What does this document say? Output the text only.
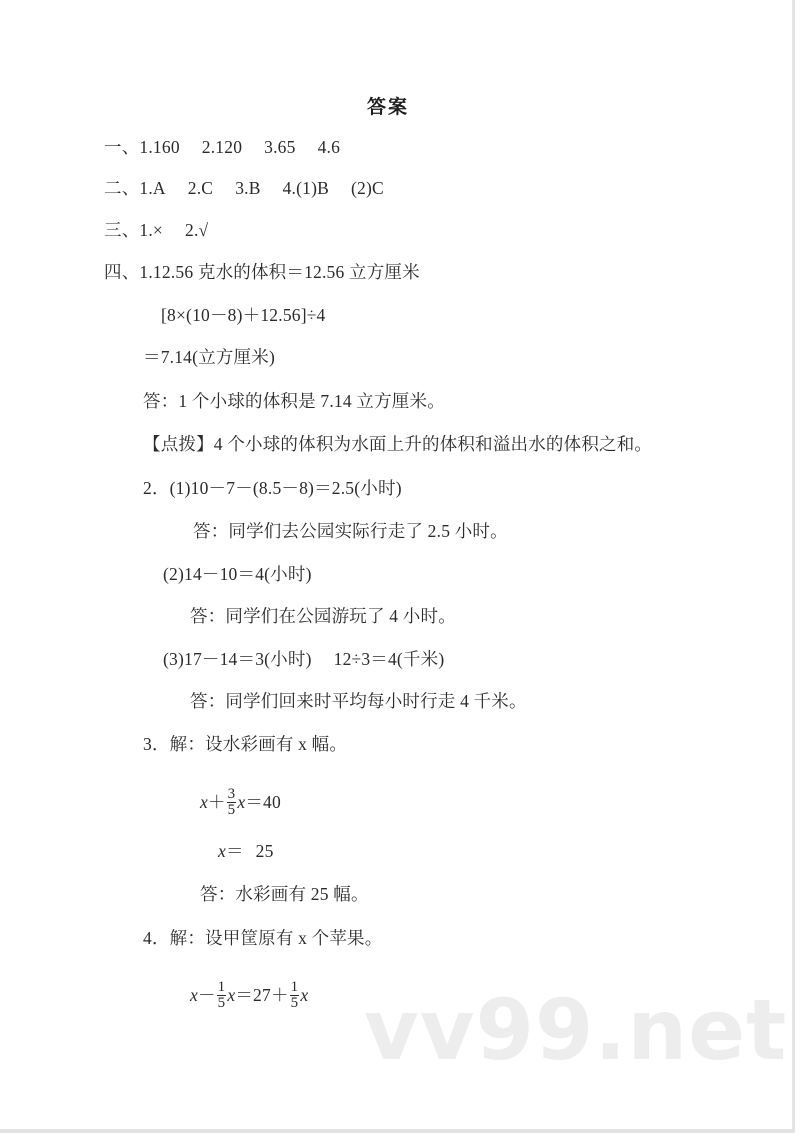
答案
一、1.160 2.120 3.65 4.6
二、1.A 2.C 3.B 4.(1)B (2)C
三、1.× 2.√
四、1.12.56 克水的体积＝12.56 立方厘米
[8×(10－8)＋12.56]÷4
＝7.14(立方厘米)
答：1 个小球的体积是 7.14 立方厘米。
【点拨】4 个小球的体积为水面上升的体积和溢出水的体积之和。
2．(1)10－7－(8.5－8)＝2.5(小时)
答：同学们去公园实际行走了 2.5 小时。
(2)14－10＝4(小时)
答：同学们在公园游玩了 4 小时。
(3)17－14＝3(小时) 12÷3＝4(千米)
答：同学们回来时平均每小时行走 4 千米。
3．解：设水彩画有 x 幅。
$x+ \frac{3}{5} x=40$
x＝ 25
答：水彩画有 25 幅。
4．解：设甲筐原有 x 个苹果。
$x- \frac{1}{5} x=27+ \frac{1}{5}$ x vv99.net
